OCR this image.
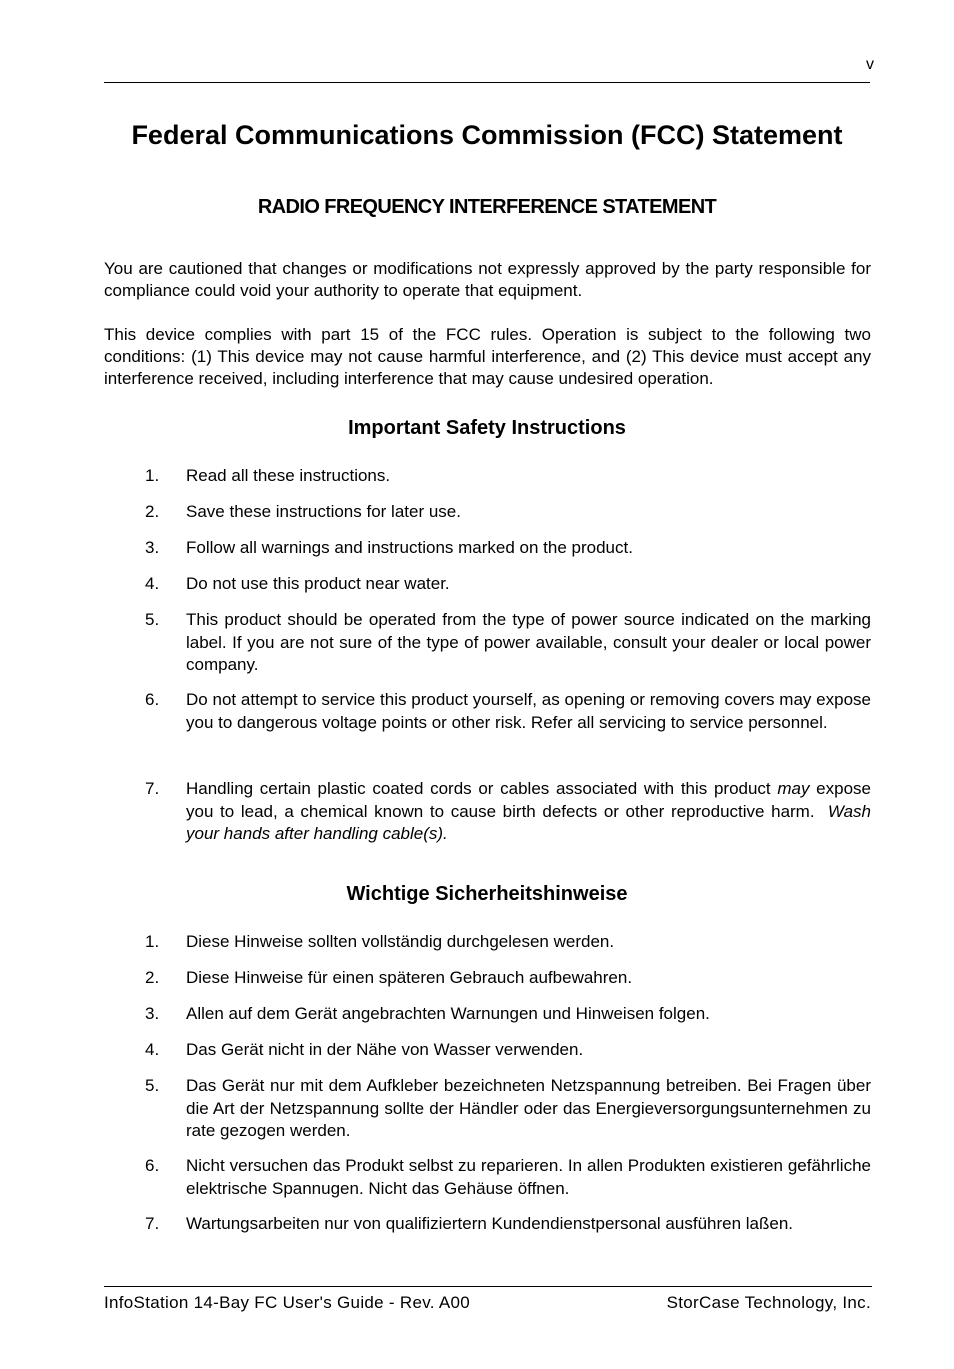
v
Federal Communications Commission (FCC) Statement
RADIO FREQUENCY INTERFERENCE STATEMENT

You are cautioned that changes or modifications not expressly approved by the party responsible for compliance could void your authority to operate that equipment.

This device complies with part 15 of the FCC rules. Operation is subject to the following two conditions: (1) This device may not cause harmful interference, and (2) This device must accept any interference received, including interference that may cause undesired operation.

Important Safety Instructions
1. Read all these instructions.
2. Save these instructions for later use.
3. Follow all warnings and instructions marked on the product.
4. Do not use this product near water.
5. This product should be operated from the type of power source indicated on the marking label. If you are not sure of the type of power available, consult your dealer or local power company.
6. Do not attempt to service this product yourself, as opening or removing covers may expose you to dangerous voltage points or other risk. Refer all servicing to service personnel.
7. Handling certain plastic coated cords or cables associated with this product may expose you to lead, a chemical known to cause birth defects or other reproductive harm. Wash your hands after handling cable(s).
Wichtige Sicherheitshinweise
1. Diese Hinweise sollten vollständig durchgelesen werden.
2. Diese Hinweise für einen späteren Gebrauch aufbewahren.
3. Allen auf dem Gerät angebrachten Warnungen und Hinweisen folgen.
4. Das Gerät nicht in der Nähe von Wasser verwenden.
5. Das Gerät nur mit dem Aufkleber bezeichneten Netzspannung betreiben. Bei Fragen über die Art der Netzspannung sollte der Händler oder das Energieversorgungsunternehmen zu rate gezogen werden.
6. Nicht versuchen das Produkt selbst zu reparieren. In allen Produkten existieren gefährliche elektrische Spannugen. Nicht das Gehäuse öffnen.
7. Wartungsarbeiten nur von qualifiziertern Kundendienstpersonal ausführen laßen.
InfoStation 14-Bay FC User's Guide - Rev. A00	StorCase Technology, Inc.
